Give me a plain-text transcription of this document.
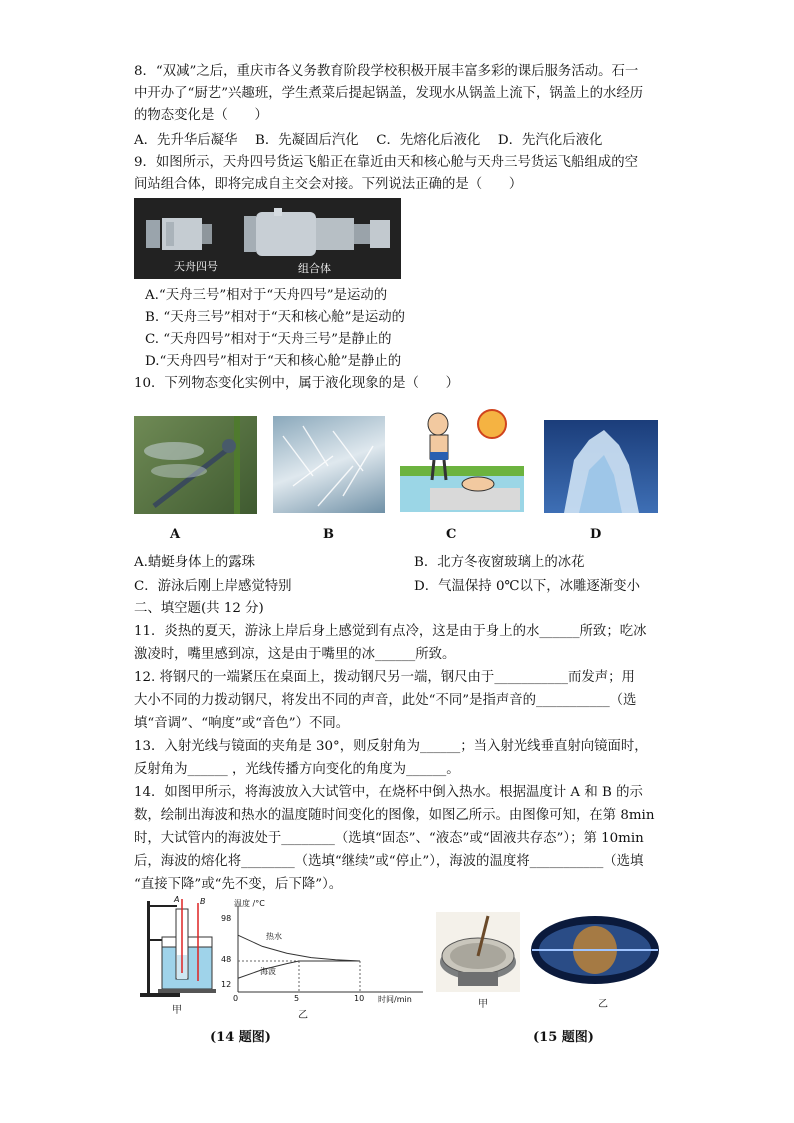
8．“双减”之后，重庆市各义务教育阶段学校积极开展丰富多彩的课后服务活动。石一
中开办了“厨艺”兴趣班，学生煮菜后提起锅盖，发现水从锅盖上流下，锅盖上的水经历
的物态变化是（　　）
A．先升华后凝华　 B．先凝固后汽化　 C．先熔化后液化　 D．先汽化后液化
9．如图所示，天舟四号货运飞船正在靠近由天和核心舱与天舟三号货运飞船组成的空
间站组合体，即将完成自主交会对接。下列说法正确的是（　　）
天舟四号	组合体
A.“天舟三号”相对于“天舟四号”是运动的
B. “天舟三号”相对于“天和核心舱”是运动的
C. “天舟四号”相对于“天舟三号”是静止的
D.“天舟四号”相对于“天和核心舱”是静止的
10．下列物态变化实例中，属于液化现象的是（　　）
A	B	C	D
A.蜻蜓身体上的露珠	B．北方冬夜窗玻璃上的冰花
C．游泳后刚上岸感觉特别	D．气温保持 0℃以下，冰雕逐渐变小
二、填空题(共 12 分)
11．炎热的夏天，游泳上岸后身上感觉到有点冷，这是由于身上的水______所致；吃冰
激凌时，嘴里感到凉，这是由于嘴里的冰______所致。
12. 将钢尺的一端紧压在桌面上，拨动钢尺另一端，钢尺由于___________而发声；用
大小不同的力拨动钢尺，将发出不同的声音，此处“不同”是指声音的___________（选
填“音调”、“响度”或“音色”）不同。
13．入射光线与镜面的夹角是 30°，则反射角为______；当入射光线垂直射向镜面时，
反射角为______ ，光线传播方向变化的角度为______。
14．如图甲所示，将海波放入大试管中，在烧杯中倒入热水。根据温度计 A 和 B 的示
数，绘制出海波和热水的温度随时间变化的图像，如图乙所示。由图像可知，在第 8min
时，大试管内的海波处于________（选填“固态”、“液态”或“固液共存态”）；第 10min
后，海波的熔化将________（选填“继续”或“停止”），海波的温度将___________（选填
“直接下降”或“先不变，后下降”）。
A	B
甲
温度 /°C
时间/min
98
48
12
0	5	10
热水
海波
乙
(14 题图)
甲	乙
(15 题图)
